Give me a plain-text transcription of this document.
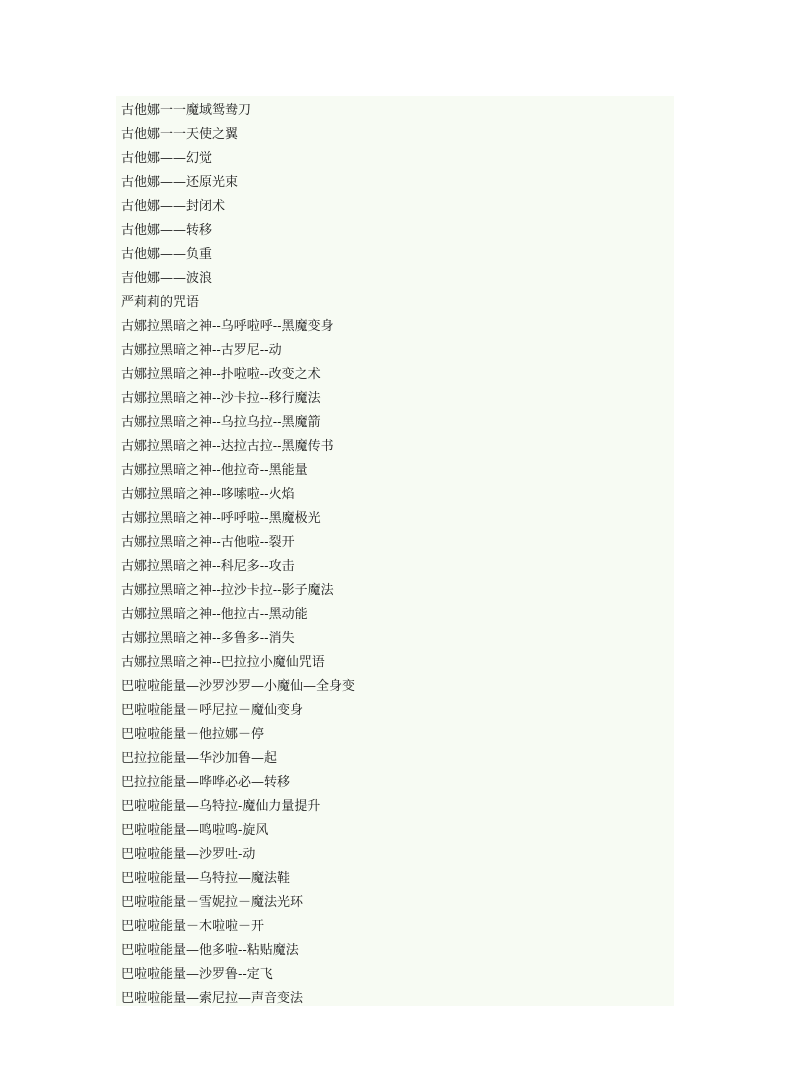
古他娜一一魔域鸳鸯刀
古他娜一一天使之翼
古他娜——幻觉
古他娜——还原光束
古他娜——封闭术
古他娜——转移
古他娜——负重
吉他娜——波浪
严莉莉的咒语
古娜拉黑暗之神--乌呼啦呼--黑魔变身
古娜拉黑暗之神--古罗尼--动
古娜拉黑暗之神--扑啦啦--改变之术
古娜拉黑暗之神--沙卡拉--移行魔法
古娜拉黑暗之神--乌拉乌拉--黑魔箭
古娜拉黑暗之神--达拉古拉--黑魔传书
古娜拉黑暗之神--他拉奇--黑能量
古娜拉黑暗之神--哆嗦啦--火焰
古娜拉黑暗之神--呼呼啦--黑魔极光
古娜拉黑暗之神--古他啦--裂开
古娜拉黑暗之神--科尼多--攻击
古娜拉黑暗之神--拉沙卡拉--影子魔法
古娜拉黑暗之神--他拉古--黑动能
古娜拉黑暗之神--多鲁多--消失
古娜拉黑暗之神--巴拉拉小魔仙咒语
巴啦啦能量—沙罗沙罗—小魔仙—全身变
巴啦啦能量－呼尼拉－魔仙变身
巴啦啦能量－他拉娜－停
巴拉拉能量—华沙加鲁—起
巴拉拉能量—哗哗必必—转移
巴啦啦能量—乌特拉-魔仙力量提升
巴啦啦能量—鸣啦鸣-旋风
巴啦啦能量—沙罗吐-动
巴啦啦能量—乌特拉—魔法鞋
巴啦啦能量－雪妮拉－魔法光环
巴啦啦能量－木啦啦－开
巴啦啦能量—他多啦--粘贴魔法
巴啦啦能量—沙罗鲁--定飞
巴啦啦能量—索尼拉—声音变法
